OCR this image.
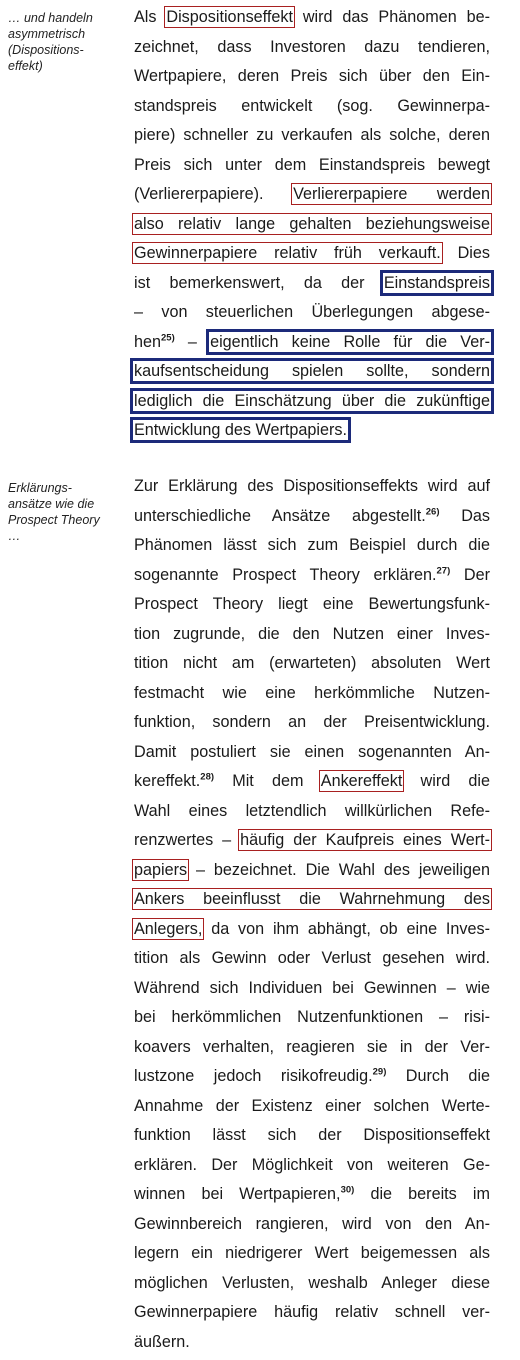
… und handeln asymmetrisch (Dispositions-effekt)
Erklärungs-ansätze wie die Prospect Theory …
Als Dispositionseffekt wird das Phänomen be-
zeichnet, dass Investoren dazu tendieren,
Wertpapiere, deren Preis sich über den Ein-
standspreis entwickelt (sog. Gewinnerpa-
piere) schneller zu verkaufen als solche, deren
Preis sich unter dem Einstandspreis bewegt
(Verliererpapiere). Verliererpapiere werden
also relativ lange gehalten beziehungsweise
Gewinnerpapiere relativ früh verkauft. Dies
ist bemerkenswert, da der Einstandspreis
– von steuerlichen Überlegungen abgese-
hen$^{25)}$ – eigentlich keine Rolle für die Ver-
kaufsentscheidung spielen sollte, sondern
lediglich die Einschätzung über die zukünftige
Entwicklung des Wertpapiers.
Zur Erklärung des Dispositionseffekts wird auf
unterschiedliche Ansätze abgestellt.$^{26)}$ Das
Phänomen lässt sich zum Beispiel durch die
sogenannte Prospect Theory erklären.$^{27)}$ Der
Prospect Theory liegt eine Bewertungsfunk-
tion zugrunde, die den Nutzen einer Inves-
tition nicht am (erwarteten) absoluten Wert
festmacht wie eine herkömmliche Nutzen-
funktion, sondern an der Preisentwicklung.
Damit postuliert sie einen sogenannten An-
kereffekt.$^{28)}$ Mit dem Ankereffekt wird die
Wahl eines letztendlich willkürlichen Refe-
renzwertes – häufig der Kaufpreis eines Wert-
papiers – bezeichnet. Die Wahl des jeweiligen
Ankers beeinflusst die Wahrnehmung des
Anlegers, da von ihm abhängt, ob eine Inves-
tition als Gewinn oder Verlust gesehen wird.
Während sich Individuen bei Gewinnen – wie
bei herkömmlichen Nutzenfunktionen – risi-
koavers verhalten, reagieren sie in der Ver-
lustzone jedoch risikofreudig.$^{29)}$ Durch die
Annahme der Existenz einer solchen Werte-
funktion lässt sich der Dispositionseffekt
erklären. Der Möglichkeit von weiteren Ge-
winnen bei Wertpapieren,$^{30)}$ die bereits im
Gewinnbereich rangieren, wird von den An-
legern ein niedrigerer Wert beigemessen als
möglichen Verlusten, weshalb Anleger diese
Gewinnerpapiere häufig relativ schnell ver-
äußern.
